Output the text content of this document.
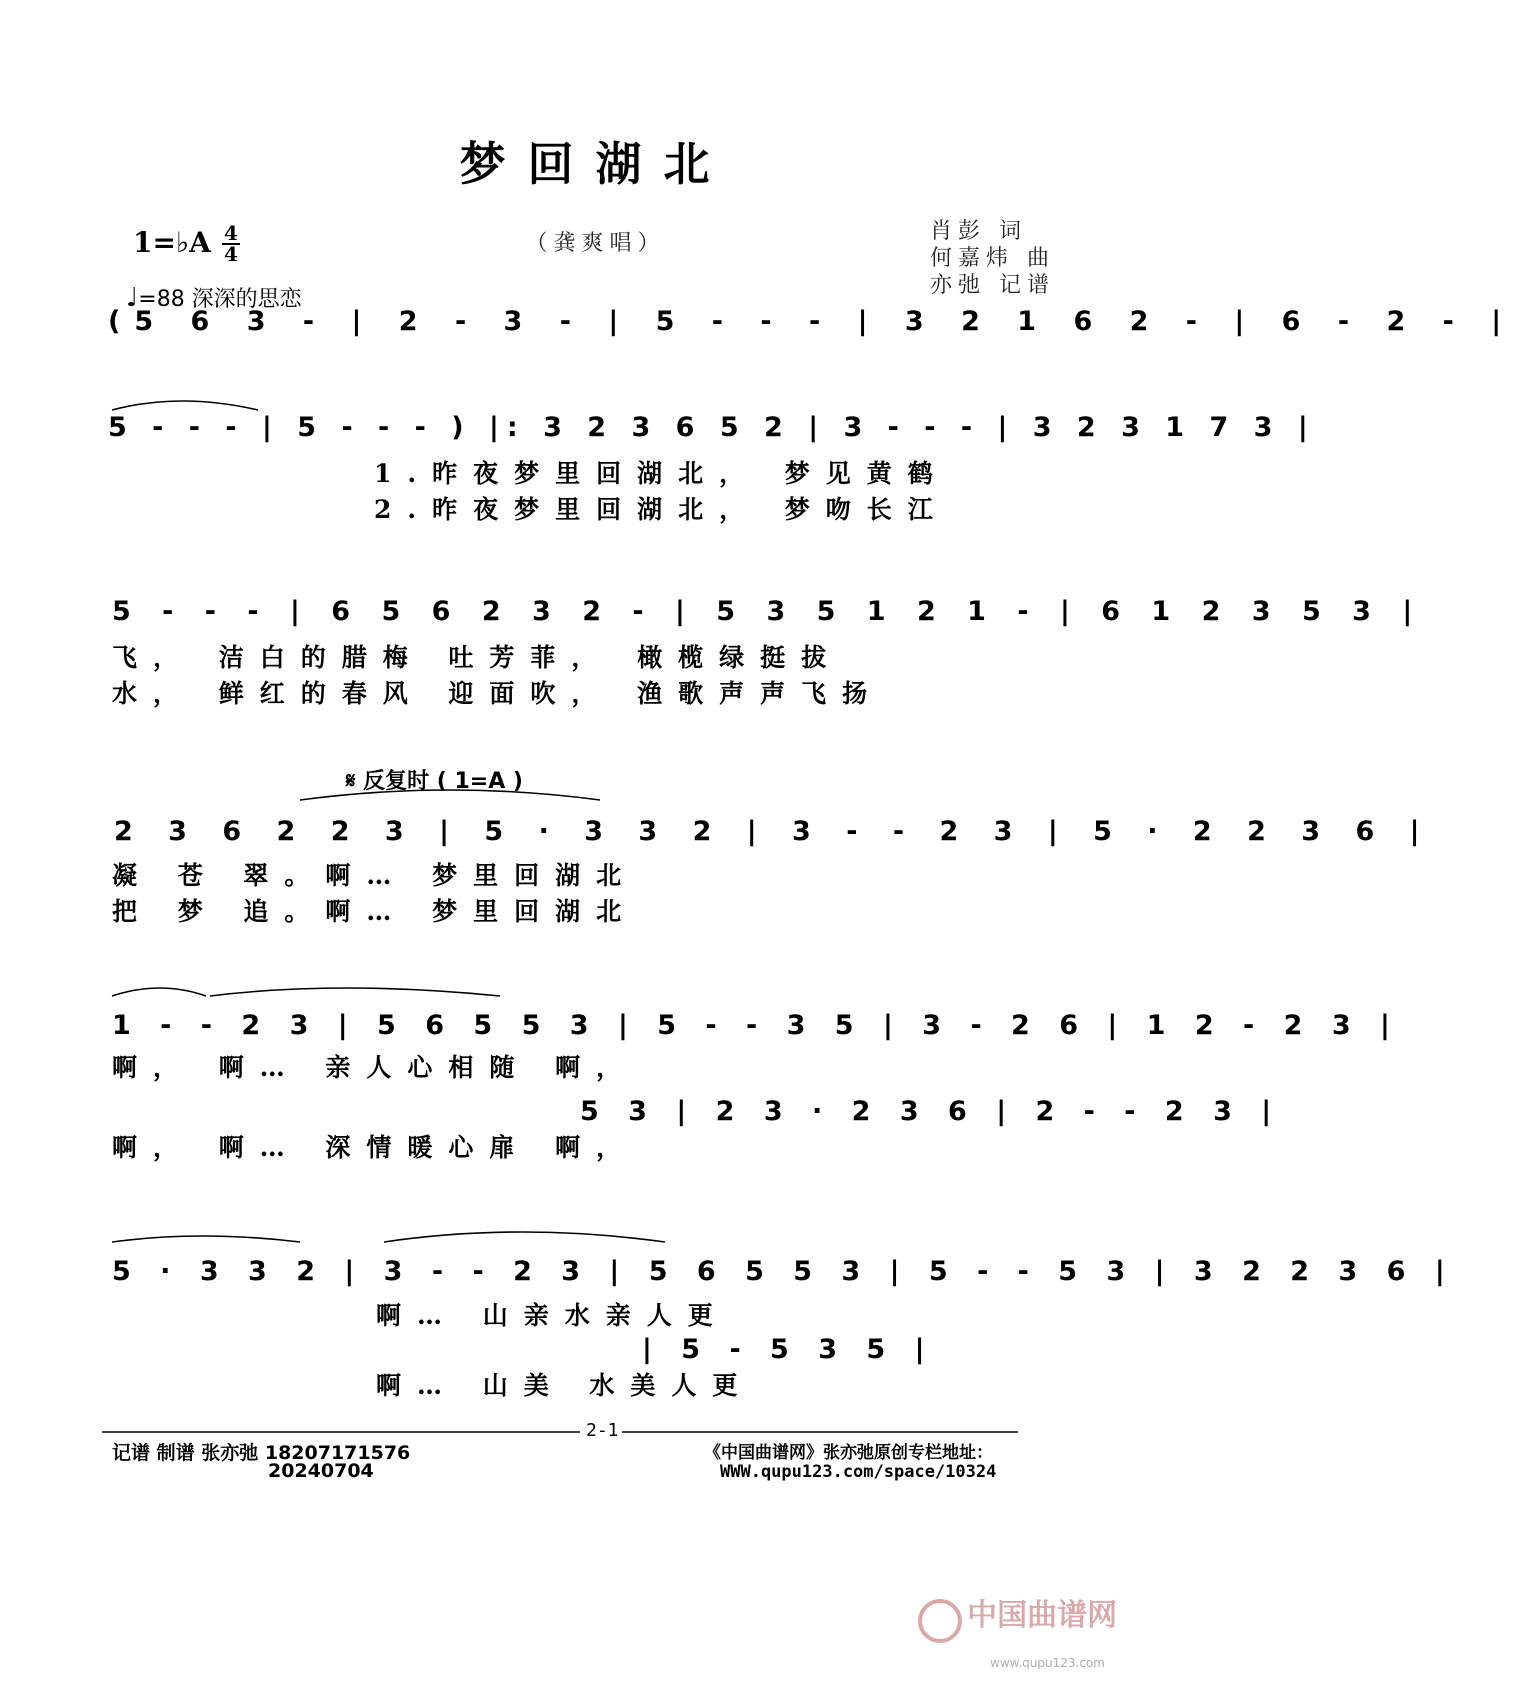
梦回湖北
1=♭A 4
4
♩=88 深深的思恋
（龚爽唱）	肖彭 词
何嘉炜 曲
亦弛 记谱
(5 6 3 - | 2 - 3 - | 5 - - - | 3 2 1 6 2 - | 6 - 2 - |
5 - - - | 5 - - - ) |: 3 2 3 6 5 2 | 3 - - - | 3 2 3 1 7 3 |
1.昨夜梦里回湖北， 梦见黄鹤
2.昨夜梦里回湖北， 梦吻长江
5 - - - | 6 5 6 2 3 2 - | 5 3 5 1 2 1 - | 6 1 2 3 5 3 |
飞， 洁白的腊梅 吐芳菲， 橄榄绿挺拔
水， 鲜红的春风 迎面吹， 渔歌声声飞扬
𝄋 反复时 ( 1=A )
2 3 6 2 2 3 | 5 · 3 3 2 | 3 - - 2 3 | 5 · 2 2 3 6 |
凝 苍 翠。啊… 梦里回湖北
把 梦 追。啊… 梦里回湖北
1 - - 2 3 | 5 6 5 5 3 | 5 - - 3 5 | 3 - 2 6 | 1 2 - 2 3 |
啊， 啊… 亲人心相随 啊，
5 3 | 2 3 · 2 3 6 | 2 - - 2 3 |
啊， 啊… 深情暖心扉 啊，
5 · 3 3 2 | 3 - - 2 3 | 5 6 5 5 3 | 5 - - 5 3 | 3 2 2 3 6 |
啊… 山亲水亲人更
| 5 - 5 3 5 |
啊… 山美 水美人更
2-1
记谱 制谱 张亦弛 18207171576
20240704
《中国曲谱网》张亦弛原创专栏地址：
WWW.qupu123.com/space/10324
中国曲谱网
www.qupu123.com
